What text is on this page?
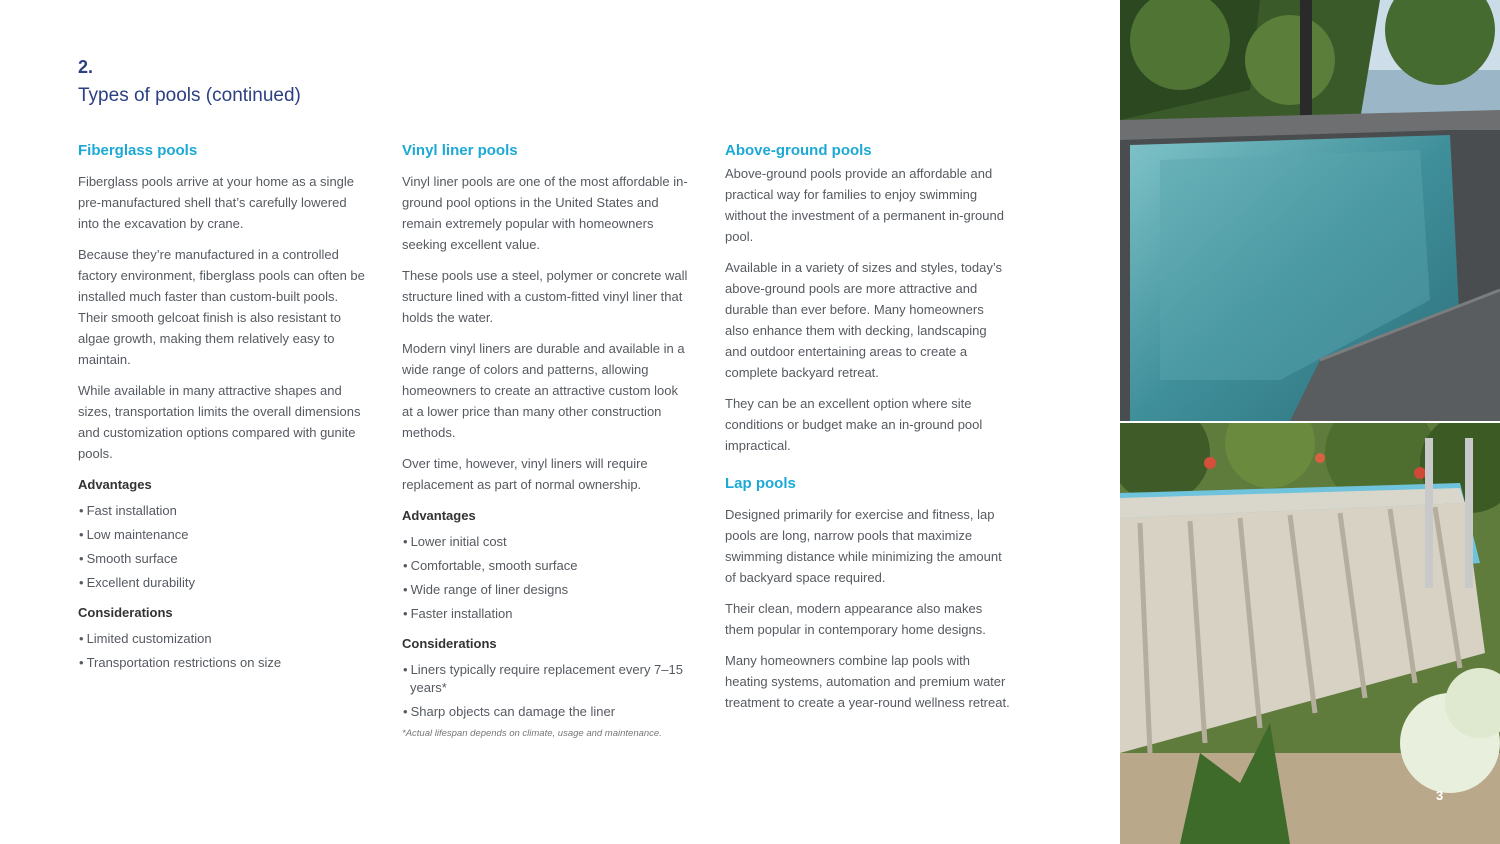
2.
Types of pools (continued)
Fiberglass pools

Fiberglass pools arrive at your home as a single pre-manufactured shell that’s carefully lowered into the excavation by crane.

Because they’re manufactured in a controlled factory environment, fiberglass pools can often be installed much faster than custom-built pools. Their smooth gelcoat finish is also resistant to algae growth, making them relatively easy to maintain.

While available in many attractive shapes and sizes, transportation limits the overall dimensions and customization options compared with gunite pools.

Advantages
• Fast installation
• Low maintenance
• Smooth surface
• Excellent durability
Considerations
• Limited customization
• Transportation restrictions on size
Vinyl liner pools

Vinyl liner pools are one of the most affordable in-ground pool options in the United States and remain extremely popular with homeowners seeking excellent value.

These pools use a steel, polymer or concrete wall structure lined with a custom-fitted vinyl liner that holds the water.

Modern vinyl liners are durable and available in a wide range of colors and patterns, allowing homeowners to create an attractive custom look at a lower price than many other construction methods.

Over time, however, vinyl liners will require replacement as part of normal ownership.

Advantages
• Lower initial cost
• Comfortable, smooth surface
• Wide range of liner designs
• Faster installation
Considerations
• Liners typically require replacement every 7–15 years*
• Sharp objects can damage the liner
*Actual lifespan depends on climate, usage and maintenance.
Above-ground pools

Above-ground pools provide an affordable and practical way for families to enjoy swimming without the investment of a permanent in-ground pool.

Available in a variety of sizes and styles, today’s above-ground pools are more attractive and durable than ever before. Many homeowners also enhance them with decking, landscaping and outdoor entertaining areas to create a complete backyard retreat.

They can be an excellent option where site conditions or budget make an in-ground pool impractical.

Lap pools

Designed primarily for exercise and fitness, lap pools are long, narrow pools that maximize swimming distance while minimizing the amount of backyard space required.

Their clean, modern appearance also makes them popular in contemporary home designs.

Many homeowners combine lap pools with heating systems, automation and premium water treatment to create a year-round wellness retreat.

3
